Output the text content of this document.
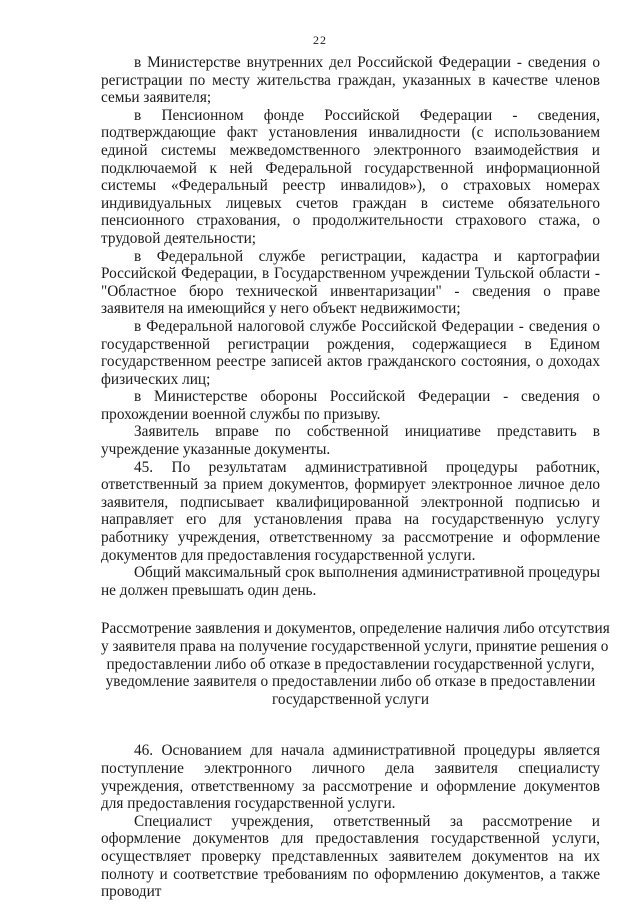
22

в Министерстве внутренних дел Российской Федерации - сведения о регистрации по месту жительства граждан, указанных в качестве членов семьи заявителя;

в Пенсионном фонде Российской Федерации - сведения, подтверждающие факт установления инвалидности (с использованием единой системы межведомственного электронного взаимодействия и подключаемой к ней Федеральной государственной информационной системы «Федеральный реестр инвалидов»), о страховых номерах индивидуальных лицевых счетов граждан в системе обязательного пенсионного страхования, о продолжительности страхового стажа, о трудовой деятельности;

в Федеральной службе регистрации, кадастра и картографии Российской Федерации, в Государственном учреждении Тульской области - "Областное бюро технической инвентаризации" - сведения о праве заявителя на имеющийся у него объект недвижимости;

в Федеральной налоговой службе Российской Федерации - сведения о государственной регистрации рождения, содержащиеся в Едином государственном реестре записей актов гражданского состояния, о доходах физических лиц;

в Министерстве обороны Российской Федерации - сведения о прохождении военной службы по призыву.

Заявитель вправе по собственной инициативе представить в учреждение указанные документы.

45. По результатам административной процедуры работник, ответственный за прием документов, формирует электронное личное дело заявителя, подписывает квалифицированной электронной подписью и направляет его для установления права на государственную услугу работнику учреждения, ответственному за рассмотрение и оформление документов для предоставления государственной услуги.

Общий максимальный срок выполнения административной процедуры не должен превышать один день.

Рассмотрение заявления и документов, определение наличия либо отсутствия
у заявителя права на получение государственной услуги, принятие решения о
предоставлении либо об отказе в предоставлении государственной услуги,
уведомление заявителя о предоставлении либо об отказе в предоставлении
государственной услуги

46. Основанием для начала административной процедуры является поступление электронного личного дела заявителя специалисту учреждения, ответственному за рассмотрение и оформление документов для предоставления государственной услуги.

Специалист учреждения, ответственный за рассмотрение и оформление документов для предоставления государственной услуги, осуществляет проверку представленных заявителем документов на их полноту и соответствие требованиям по оформлению документов, а также проводит
